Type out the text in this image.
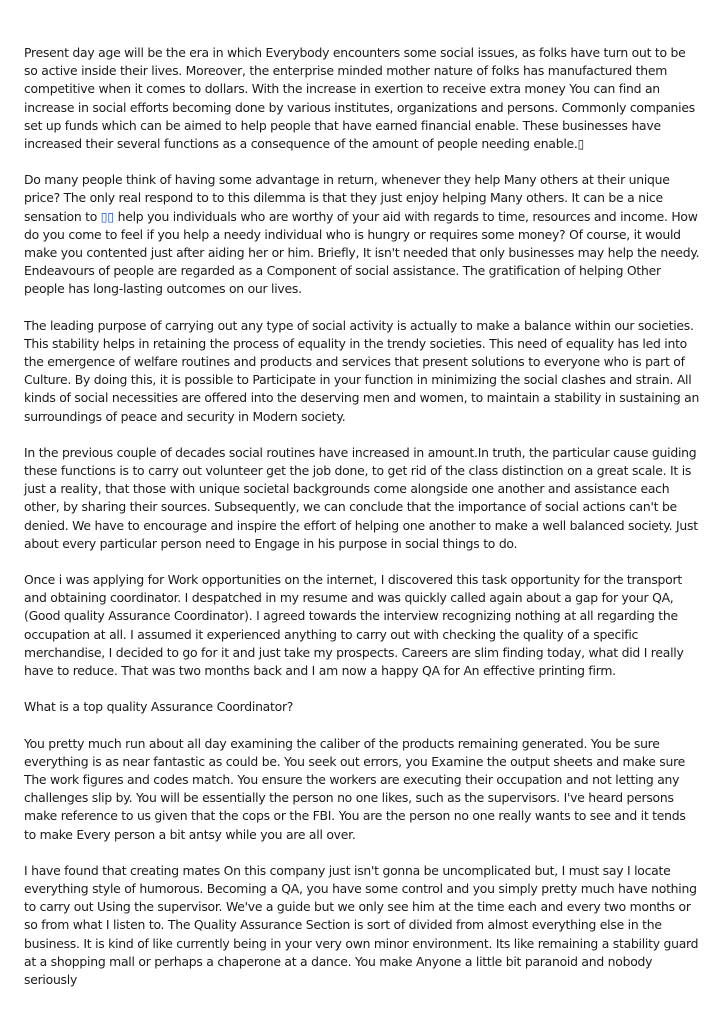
Present day age will be the era in which Everybody encounters some social issues, as folks have turn out to be so active inside their lives. Moreover, the enterprise minded mother nature of folks has manufactured them competitive when it comes to dollars. With the increase in exertion to receive extra money You can find an increase in social efforts becoming done by various institutes, organizations and persons. Commonly companies set up funds which can be aimed to help people that have earned financial enable. These businesses have increased their several functions as a consequence of the amount of people needing enable.▯

Do many people think of having some advantage in return, whenever they help Many others at their unique price? The only real respond to to this dilemma is that they just enjoy helping Many others. It can be a nice sensation to ▯▯ help you individuals who are worthy of your aid with regards to time, resources and income. How do you come to feel if you help a needy individual who is hungry or requires some money? Of course, it would make you contented just after aiding her or him. Briefly, It isn't needed that only businesses may help the needy. Endeavours of people are regarded as a Component of social assistance. The gratification of helping Other people has long-lasting outcomes on our lives.

The leading purpose of carrying out any type of social activity is actually to make a balance within our societies. This stability helps in retaining the process of equality in the trendy societies. This need of equality has led into the emergence of welfare routines and products and services that present solutions to everyone who is part of Culture. By doing this, it is possible to Participate in your function in minimizing the social clashes and strain. All kinds of social necessities are offered into the deserving men and women, to maintain a stability in sustaining an surroundings of peace and security in Modern society.

In the previous couple of decades social routines have increased in amount.In truth, the particular cause guiding these functions is to carry out volunteer get the job done, to get rid of the class distinction on a great scale. It is just a reality, that those with unique societal backgrounds come alongside one another and assistance each other, by sharing their sources. Subsequently, we can conclude that the importance of social actions can't be denied. We have to encourage and inspire the effort of helping one another to make a well balanced society. Just about every particular person need to Engage in his purpose in social things to do.

Once i was applying for Work opportunities on the internet, I discovered this task opportunity for the transport and obtaining coordinator. I despatched in my resume and was quickly called again about a gap for your QA, (Good quality Assurance Coordinator). I agreed towards the interview recognizing nothing at all regarding the occupation at all. I assumed it experienced anything to carry out with checking the quality of a specific merchandise, I decided to go for it and just take my prospects. Careers are slim finding today, what did I really have to reduce. That was two months back and I am now a happy QA for An effective printing firm.

What is a top quality Assurance Coordinator?

You pretty much run about all day examining the caliber of the products remaining generated. You be sure everything is as near fantastic as could be. You seek out errors, you Examine the output sheets and make sure The work figures and codes match. You ensure the workers are executing their occupation and not letting any challenges slip by. You will be essentially the person no one likes, such as the supervisors. I've heard persons make reference to us given that the cops or the FBI. You are the person no one really wants to see and it tends to make Every person a bit antsy while you are all over.

I have found that creating mates On this company just isn't gonna be uncomplicated but, I must say I locate everything style of humorous. Becoming a QA, you have some control and you simply pretty much have nothing to carry out Using the supervisor. We've a guide but we only see him at the time each and every two months or so from what I listen to. The Quality Assurance Section is sort of divided from almost everything else in the business. It is kind of like currently being in your very own minor environment. Its like remaining a stability guard at a shopping mall or perhaps a chaperone at a dance. You make Anyone a little bit paranoid and nobody seriously
